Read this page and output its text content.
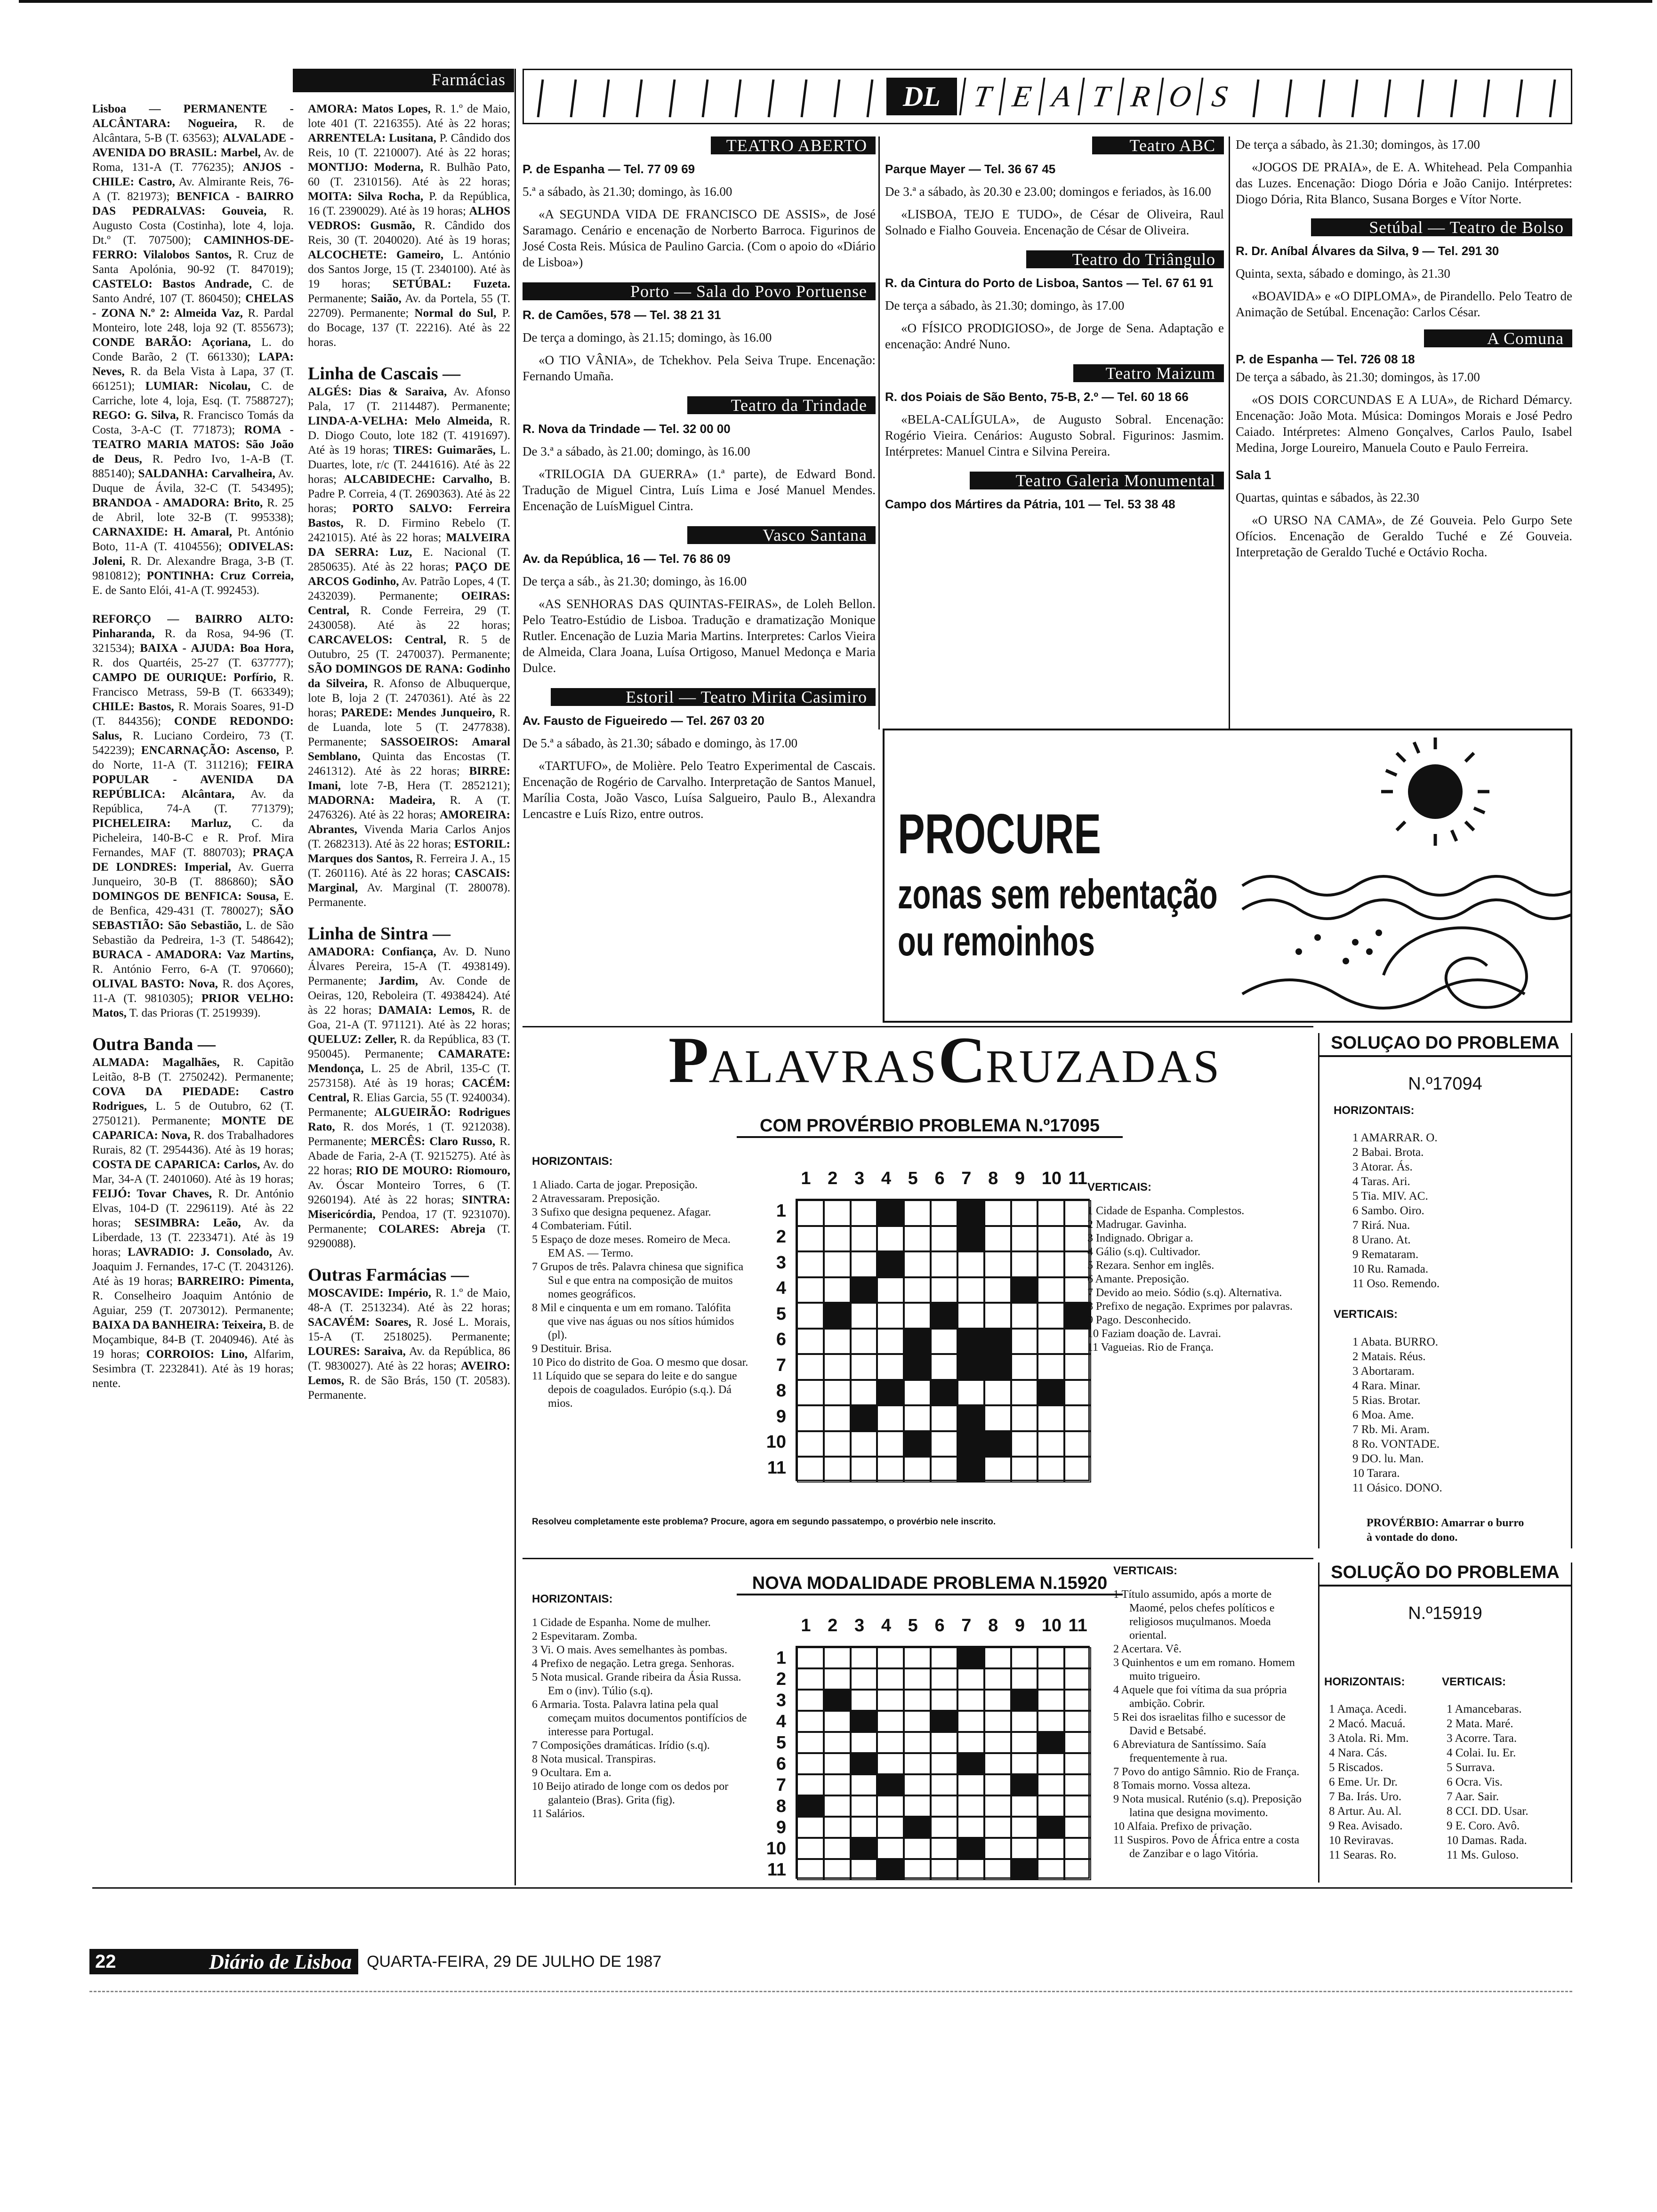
Farmácias

Lisboa — PERMANENTE - ALCÂNTARA: Nogueira, R. de Alcântara, 5-B (T. 63563); ALVALADE - AVENIDA DO BRASIL: Marbel, Av. de Roma, 131-A (T. 776235); ANJOS - CHILE: Castro, Av. Almirante Reis, 76-A (T. 821973); BENFICA - BAIRRO DAS PEDRALVAS: Gouveia, R. Augusto Costa (Costinha), lote 4, loja. Dt.º (T. 707500); CAMINHOS-DE-FERRO: Vilalobos Santos, R. Cruz de Santa Apolónia, 90-92 (T. 847019); CASTELO: Bastos Andrade, C. de Santo André, 107 (T. 860450); CHELAS - ZONA N.º 2: Almeida Vaz, R. Pardal Monteiro, lote 248, loja 92 (T. 855673); CONDE BARÃO: Açoriana, L. do Conde Barão, 2 (T. 661330); LAPA: Neves, R. da Bela Vista à Lapa, 37 (T. 661251); LUMIAR: Nicolau, C. de Carriche, lote 4, loja, Esq. (T. 7588727); REGO: G. Silva, R. Francisco Tomás da Costa, 3-A-C (T. 771873); ROMA - TEATRO MARIA MATOS: São João de Deus, R. Pedro Ivo, 1-A-B (T. 885140); SALDANHA: Carvalheira, Av. Duque de Ávila, 32-C (T. 543495); BRANDOA - AMADORA: Brito, R. 25 de Abril, lote 32-B (T. 995338); CARNAXIDE: H. Amaral, Pt. António Boto, 11-A (T. 4104556); ODIVELAS: Joleni, R. Dr. Alexandre Braga, 3-B (T. 9810812); PONTINHA: Cruz Correia, E. de Santo Elói, 41-A (T. 992453).

REFORÇO — BAIRRO ALTO: Pinharanda, R. da Rosa, 94-96 (T. 321534); BAIXA - AJUDA: Boa Hora, R. dos Quartéis, 25-27 (T. 637777); CAMPO DE OURIQUE: Porfírio, R. Francisco Metrass, 59-B (T. 663349); CHILE: Bastos, R. Morais Soares, 91-D (T. 844356); CONDE REDONDO: Salus, R. Luciano Cordeiro, 73 (T. 542239); ENCARNAÇÃO: Ascenso, P. do Norte, 11-A (T. 311216); FEIRA POPULAR - AVENIDA DA REPÚBLICA: Alcântara, Av. da República, 74-A (T. 771379); PICHELEIRA: Marluz, C. da Picheleira, 140-B-C e R. Prof. Mira Fernandes, MAF (T. 880703); PRAÇA DE LONDRES: Imperial, Av. Guerra Junqueiro, 30-B (T. 886860); SÃO DOMINGOS DE BENFICA: Sousa, E. de Benfica, 429-431 (T. 780027); SÃO SEBASTIÃO: São Sebastião, L. de São Sebastião da Pedreira, 1-3 (T. 548642); BURACA - AMADORA: Vaz Martins, R. António Ferro, 6-A (T. 970660); OLIVAL BASTO: Nova, R. dos Açores, 11-A (T. 9810305); PRIOR VELHO: Matos, T. das Prioras (T. 2519939).

Outra Banda —

ALMADA: Magalhães, R. Capitão Leitão, 8-B (T. 2750242). Permanente; COVA DA PIEDADE: Castro Rodrigues, L. 5 de Outubro, 62 (T. 2750121). Permanente; MONTE DE CAPARICA: Nova, R. dos Trabalhadores Rurais, 82 (T. 2954436). Até às 19 horas; COSTA DE CAPARICA: Carlos, Av. do Mar, 34-A (T. 2401060). Até às 19 horas; FEIJÓ: Tovar Chaves, R. Dr. António Elvas, 104-D (T. 2296119). Até às 22 horas; SESIMBRA: Leão, Av. da Liberdade, 13 (T. 2233471). Até às 19 horas; LAVRADIO: J. Consolado, Av. Joaquim J. Fernandes, 17-C (T. 2043126). Até às 19 horas; BARREIRO: Pimenta, R. Conselheiro Joaquim António de Aguiar, 259 (T. 2073012). Permanente; BAIXA DA BANHEIRA: Teixeira, B. de Moçambique, 84-B (T. 2040946). Até às 19 horas; CORROIOS: Lino, Alfarim, Sesimbra (T. 2232841). Até às 19 horas; nente.

AMORA: Matos Lopes, R. 1.º de Maio, lote 401 (T. 2216355). Até às 22 horas; ARRENTELA: Lusitana, P. Cândido dos Reis, 10 (T. 2210007). Até às 22 horas; MONTIJO: Moderna, R. Bulhão Pato, 60 (T. 2310156). Até às 22 horas; MOITA: Silva Rocha, P. da República, 16 (T. 2390029). Até às 19 horas; ALHOS VEDROS: Gusmão, R. Cândido dos Reis, 30 (T. 2040020). Até às 19 horas; ALCOCHETE: Gameiro, L. António dos Santos Jorge, 15 (T. 2340100). Até às 19 horas; SETÚBAL: Fuzeta. Permanente; Saião, Av. da Portela, 55 (T. 22709). Permanente; Normal do Sul, P. do Bocage, 137 (T. 22216). Até às 22 horas.

Linha de Cascais —

ALGÉS: Dias & Saraiva, Av. Afonso Pala, 17 (T. 2114487). Permanente; LINDA-A-VELHA: Melo Almeida, R. D. Diogo Couto, lote 182 (T. 4191697). Até às 19 horas; TIRES: Guimarães, L. Duartes, lote, r/c (T. 2441616). Até às 22 horas; ALCABIDECHE: Carvalho, B. Padre P. Correia, 4 (T. 2690363). Até às 22 horas; PORTO SALVO: Ferreira Bastos, R. D. Firmino Rebelo (T. 2421015). Até às 22 horas; MALVEIRA DA SERRA: Luz, E. Nacional (T. 2850635). Até às 22 horas; PAÇO DE ARCOS Godinho, Av. Patrão Lopes, 4 (T. 2432039). Permanente; OEIRAS: Central, R. Conde Ferreira, 29 (T. 2430058). Até às 22 horas; CARCAVELOS: Central, R. 5 de Outubro, 25 (T. 2470037). Permanente; SÃO DOMINGOS DE RANA: Godinho da Silveira, R. Afonso de Albuquerque, lote B, loja 2 (T. 2470361). Até às 22 horas; PAREDE: Mendes Junqueiro, R. de Luanda, lote 5 (T. 2477838). Permanente; SASSOEIROS: Amaral Semblano, Quinta das Encostas (T. 2461312). Até às 22 horas; BIRRE: Imani, lote 7-B, Hera (T. 2852121); MADORNA: Madeira, R. A (T. 2476326). Até às 22 horas; AMOREIRA: Abrantes, Vivenda Maria Carlos Anjos (T. 2682313). Até às 22 horas; ESTORIL: Marques dos Santos, R. Ferreira J. A., 15 (T. 260116). Até às 22 horas; CASCAIS: Marginal, Av. Marginal (T. 280078). Permanente.

Linha de Sintra —

AMADORA: Confiança, Av. D. Nuno Álvares Pereira, 15-A (T. 4938149). Permanente; Jardim, Av. Conde de Oeiras, 120, Reboleira (T. 4938424). Até às 22 horas; DAMAIA: Lemos, R. de Goa, 21-A (T. 971121). Até às 22 horas; QUELUZ: Zeller, R. da República, 83 (T. 950045). Permanente; CAMARATE: Mendonça, L. 25 de Abril, 135-C (T. 2573158). Até às 19 horas; CACÉM: Central, R. Elias Garcia, 55 (T. 9240034). Permanente; ALGUEIRÃO: Rodrigues Rato, R. dos Morés, 1 (T. 9212038). Permanente; MERCÊS: Claro Russo, R. Abade de Faria, 2-A (T. 9215275). Até às 22 horas; RIO DE MOURO: Riomouro, Av. Óscar Monteiro Torres, 6 (T. 9260194). Até às 22 horas; SINTRA: Misericórdia, Pendoa, 17 (T. 9231070). Permanente; COLARES: Abreja (T. 9290088).

Outras Farmácias —

MOSCAVIDE: Império, R. 1.º de Maio, 48-A (T. 2513234). Até às 22 horas; SACAVÉM: Soares, R. José L. Morais, 15-A (T. 2518025). Permanente; LOURES: Saraiva, Av. da República, 86 (T. 9830027). Até às 22 horas; AVEIRO: Lemos, R. de São Brás, 150 (T. 20583). Permanente.

DL	T E A T R O S
TEATRO ABERTO
P. de Espanha — Tel. 77 09 69
5.ª a sábado, às 21.30; domingo, às 16.00
«A SEGUNDA VIDA DE FRANCISCO DE ASSIS», de José Saramago. Cenário e encenação de Norberto Barroca. Figurinos de José Costa Reis. Música de Paulino Garcia. (Com o apoio do «Diário de Lisboa»)
Porto — Sala do Povo Portuense
R. de Camões, 578 — Tel. 38 21 31
De terça a domingo, às 21.15; domingo, às 16.00
«O TIO VÂNIA», de Tchekhov. Pela Seiva Trupe. Encenação: Fernando Umaña.
Teatro da Trindade
R. Nova da Trindade — Tel. 32 00 00
De 3.ª a sábado, às 21.00; domingo, às 16.00
«TRILOGIA DA GUERRA» (1.ª parte), de Edward Bond. Tradução de Miguel Cintra, Luís Lima e José Manuel Mendes. Encenação de LuísMiguel Cintra.
Vasco Santana
Av. da República, 16 — Tel. 76 86 09
De terça a sáb., às 21.30; domingo, às 16.00
«AS SENHORAS DAS QUINTAS-FEIRAS», de Loleh Bellon. Pelo Teatro-Estúdio de Lisboa. Tradução e dramatização Monique Rutler. Encenação de Luzia Maria Martins. Interpretes: Carlos Vieira de Almeida, Clara Joana, Luísa Ortigoso, Manuel Medonça e Maria Dulce.
Estoril — Teatro Mirita Casimiro
Av. Fausto de Figueiredo — Tel. 267 03 20
De 5.ª a sábado, às 21.30; sábado e domingo, às 17.00
«TARTUFO», de Molière. Pelo Teatro Experimental de Cascais. Encenação de Rogério de Carvalho. Interpretação de Santos Manuel, Marília Costa, João Vasco, Luísa Salgueiro, Paulo B., Alexandra Lencastre e Luís Rizo, entre outros.
Teatro ABC
Parque Mayer — Tel. 36 67 45
De 3.ª a sábado, às 20.30 e 23.00; domingos e feriados, às 16.00
«LISBOA, TEJO E TUDO», de César de Oliveira, Raul Solnado e Fialho Gouveia. Encenação de César de Oliveira.
Teatro do Triângulo
R. da Cintura do Porto de Lisboa, Santos — Tel. 67 61 91
De terça a sábado, às 21.30; domingo, às 17.00
«O FÍSICO PRODIGIOSO», de Jorge de Sena. Adaptação e encenação: André Nuno.
Teatro Maizum
R. dos Poiais de São Bento, 75-B, 2.º — Tel. 60 18 66
«BELA-CALÍGULA», de Augusto Sobral. Encenação: Rogério Vieira. Cenários: Augusto Sobral. Figurinos: Jasmim. Intérpretes: Manuel Cintra e Silvina Pereira.
Teatro Galeria Monumental
Campo dos Mártires da Pátria, 101 — Tel. 53 38 48
De terça a sábado, às 21.30; domingos, às 17.00
«JOGOS DE PRAIA», de E. A. Whitehead. Pela Companhia das Luzes. Encenação: Diogo Dória e João Canijo. Intérpretes: Diogo Dória, Rita Blanco, Susana Borges e Vítor Norte.
Setúbal — Teatro de Bolso
R. Dr. Aníbal Álvares da Silva, 9 — Tel. 291 30
Quinta, sexta, sábado e domingo, às 21.30
«BOAVIDA» e «O DIPLOMA», de Pirandello. Pelo Teatro de Animação de Setúbal. Encenação: Carlos César.
A Comuna
P. de Espanha — Tel. 726 08 18
De terça a sábado, às 21.30; domingos, às 17.00
«OS DOIS CORCUNDAS E A LUA», de Richard Démarcy. Encenação: João Mota. Música: Domingos Morais e José Pedro Caiado. Intérpretes: Almeno Gonçalves, Carlos Paulo, Isabel Medina, Jorge Loureiro, Manuela Couto e Paulo Ferreira.
Sala 1
Quartas, quintas e sábados, às 22.30
«O URSO NA CAMA», de Zé Gouveia. Pelo Gurpo Sete Ofícios. Encenação de Geraldo Tuché e Zé Gouveia. Interpretação de Geraldo Tuché e Octávio Rocha.
PROCURE
zonas sem rebentação
ou remoinhos
PALAVRASCRUZADAS
COM PROVÉRBIO PROBLEMA N.º17095
HORIZONTAIS:
1 Aliado. Carta de jogar. Preposição.
2 Atravessaram. Preposição.
3 Sufixo que designa pequenez. Afagar.
4 Combateriam. Fútil.
5 Espaço de doze meses. Romeiro de Meca. EM AS. — Termo.
7 Grupos de três. Palavra chinesa que significa Sul e que entra na composição de muitos nomes geográficos.
8 Mil e cinquenta e um em romano. Talófita que vive nas águas ou nos sítios húmidos (pl).
9 Destituir. Brisa.
10 Pico do distrito de Goa. O mesmo que dosar.
11 Líquido que se separa do leite e do sangue depois de coagulados. Európio (s.q.). Dá mios.
1 2 3 4 5 6 7 8 9 10 11
1
2
3
4
5
6
7
8
9
10
11
VERTICAIS:
1 Cidade de Espanha. Complestos.
2 Madrugar. Gavinha.
3 Indignado. Obrigar a.
4 Gálio (s.q). Cultivador.
5 Rezara. Senhor em inglês.
6 Amante. Preposição.
7 Devido ao meio. Sódio (s.q). Alternativa.
8 Prefixo de negação. Exprimes por palavras.
9 Pago. Desconhecido.
10 Faziam doação de. Lavrai.
11 Vagueias. Rio de França.
Resolveu completamente este problema? Procure, agora em segundo passatempo, o provérbio nele inscrito.
SOLUÇAO DO PROBLEMA
N.º17094
HORIZONTAIS:
1 AMARRAR. O.
2 Babai. Brota.
3 Atorar. Ás.
4 Taras. Ari.
5 Tia. MIV. AC.
6 Sambo. Oiro.
7 Rirá. Nua.
8 Urano. At.
9 Remataram.
10 Ru. Ramada.
11 Oso. Remendo.
VERTICAIS:
1 Abata. BURRO.
2 Matais. Réus.
3 Abortaram.
4 Rara. Minar.
5 Rias. Brotar.
6 Moa. Ame.
7 Rb. Mi. Aram.
8 Ro. VONTADE.
9 DO. lu. Man.
10 Tarara.
11 Oásico. DONO.
PROVÉRBIO: Amarrar o burro à vontade do dono.
NOVA MODALIDADE PROBLEMA N.15920
HORIZONTAIS:
1 Cidade de Espanha. Nome de mulher.
2 Espevitaram. Zomba.
3 Vi. O mais. Aves semelhantes às pombas.
4 Prefixo de negação. Letra grega. Senhoras.
5 Nota musical. Grande ribeira da Ásia Russa. Em o (inv). Túlio (s.q).
6 Armaria. Tosta. Palavra latina pela qual começam muitos documentos pontifícios de interesse para Portugal.
7 Composições dramáticas. Irídio (s.q).
8 Nota musical. Transpiras.
9 Ocultara. Em a.
10 Beijo atirado de longe com os dedos por galanteio (Bras). Grita (fig).
11 Salários.
1 2 3 4 5 6 7 8 9 10 11
1
2
3
4
5
6
7
8
9
10
11
VERTICAIS:
1 Título assumido, após a morte de Maomé, pelos chefes políticos e religiosos muçulmanos. Moeda oriental.
2 Acertara. Vê.
3 Quinhentos e um em romano. Homem muito trigueiro.
4 Aquele que foi vítima da sua própria ambição. Cobrir.
5 Rei dos israelitas filho e sucessor de David e Betsabé.
6 Abreviatura de Santíssimo. Saía frequentemente à rua.
7 Povo do antigo Sâmnio. Rio de França.
8 Tomais morno. Vossa alteza.
9 Nota musical. Ruténio (s.q). Preposição latina que designa movimento.
10 Alfaia. Prefixo de privação.
11 Suspiros. Povo de África entre a costa de Zanzibar e o lago Vitória.
SOLUÇÃO DO PROBLEMA
N.º15919
HORIZONTAIS:	VERTICAIS:
1 Amaça. Acedi.
2 Macó. Macuá.
3 Atola. Ri. Mm.
4 Nara. Cás.
5 Riscados.
6 Eme. Ur. Dr.
7 Ba. Irás. Uro.
8 Artur. Au. Al.
9 Rea. Avisado.
10 Reviravas.
11 Searas. Ro.
1 Amancebaras.
2 Mata. Maré.
3 Acorre. Tara.
4 Colai. Iu. Er.
5 Surrava.
6 Ocra. Vis.
7 Aar. Sair.
8 CCI. DD. Usar.
9 E. Coro. Avô.
10 Damas. Rada.
11 Ms. Guloso.
22	Diário de Lisboa QUARTA-FEIRA, 29 DE JULHO DE 1987
